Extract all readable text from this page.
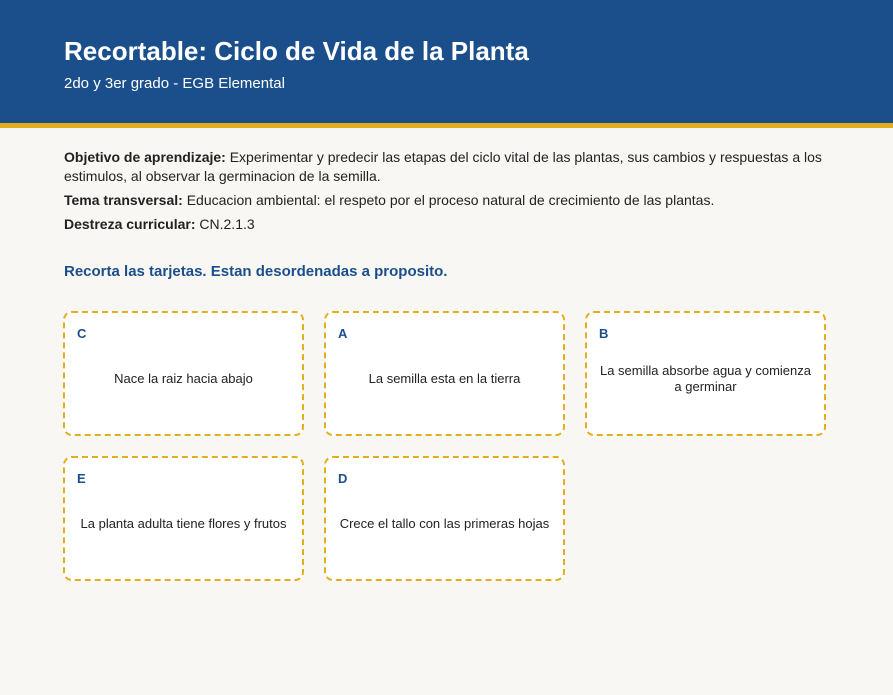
Recortable: Ciclo de Vida de la Planta
2do y 3er grado - EGB Elemental

Objetivo de aprendizaje: Experimentar y predecir las etapas del ciclo vital de las plantas, sus cambios y respuestas a los estimulos, al observar la germinacion de la semilla.

Tema transversal: Educacion ambiental: el respeto por el proceso natural de crecimiento de las plantas.

Destreza curricular: CN.2.1.3

Recorta las tarjetas. Estan desordenadas a proposito.
C
Nace la raiz hacia abajo
A
La semilla esta en la tierra
B
La semilla absorbe agua y comienza a germinar
E
La planta adulta tiene flores y frutos
D
Crece el tallo con las primeras hojas
